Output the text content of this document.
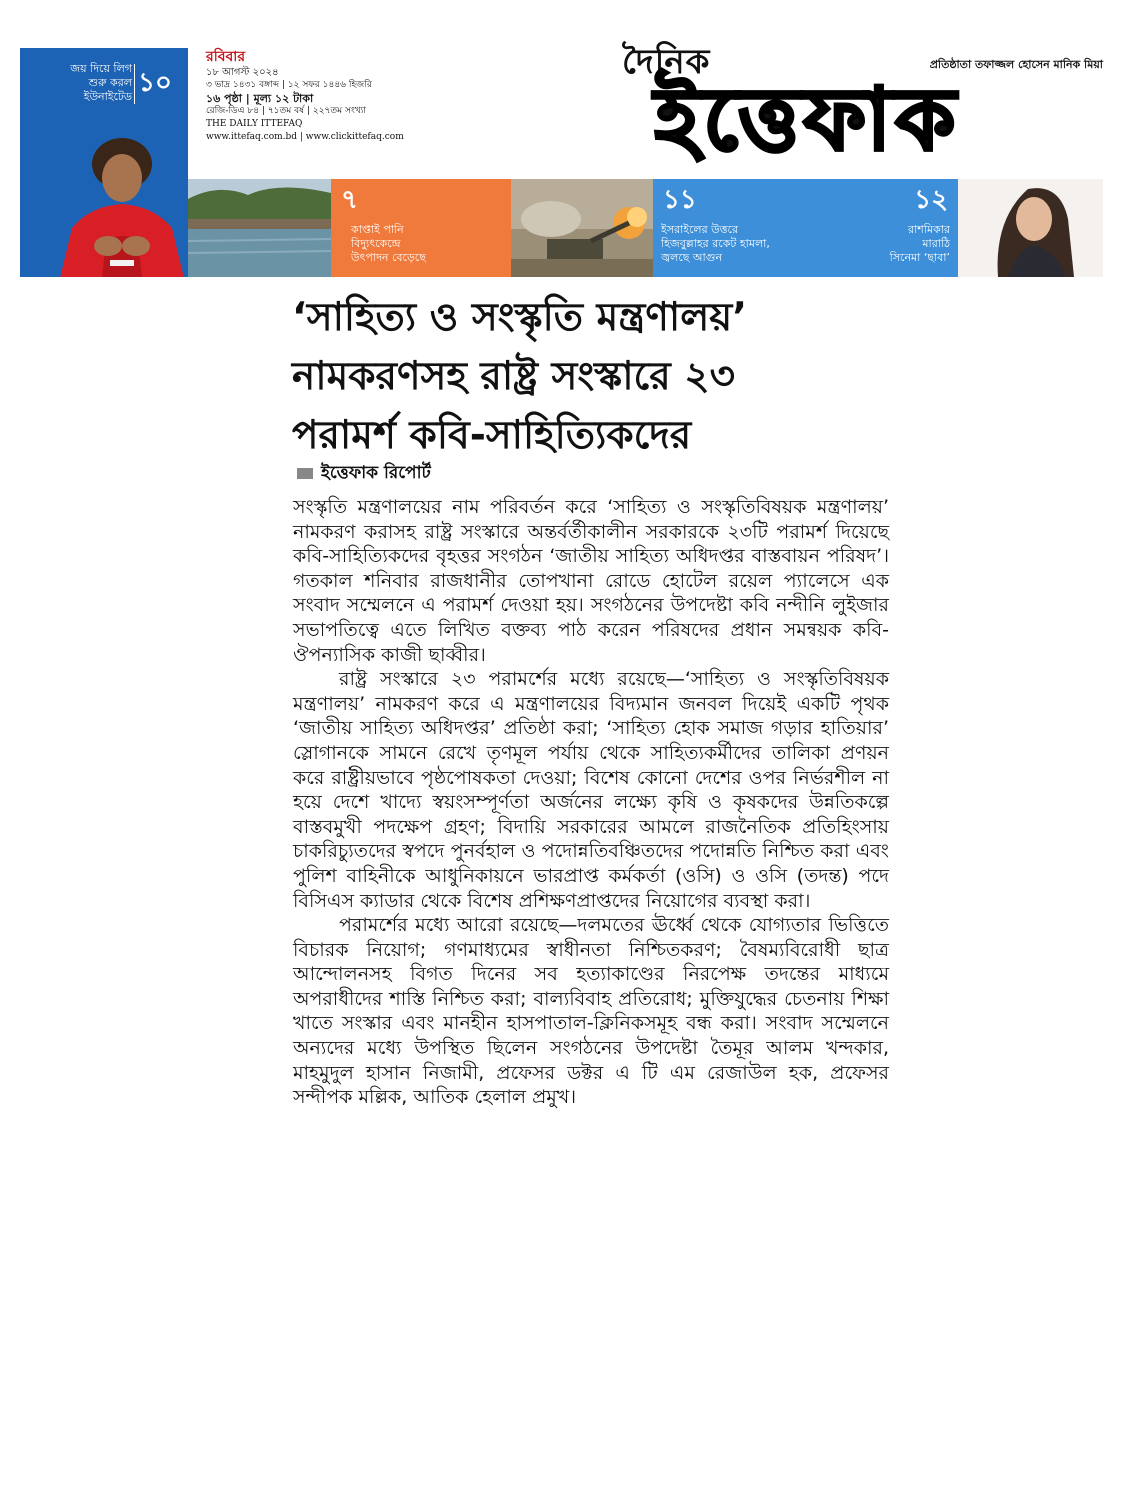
জয় দিয়ে লিগ
শুরু করল
ইউনাইটেড ১০
রবিবার
১৮ আগস্ট ২০২৪
৩ ভাদ্র ১৪৩১ বঙ্গাব্দ | ১২ সফর ১৪৪৬ হিজরি
১৬ পৃষ্ঠা | মূল্য ১২ টাকা
রেজি-ডিএ ৮৪ | ৭১তম বর্ষ | ২২৭তম সংখ্যা
THE DAILY ITTEFAQ
www.ittefaq.com.bd | www.clickittefaq.com
দৈনিক
ইত্তেফাক
প্রতিষ্ঠাতা তফাজ্জল হোসেন মানিক মিয়া
৭
কাপ্তাই পানি
বিদ্যুৎকেন্দ্রে
উৎপাদন বেড়েছে
১১
ইসরাইলের উত্তরে
হিজবুল্লাহর রকেট হামলা,
জ্বলছে আগুন
১২
রাশমিকার
মারাঠি
সিনেমা ‘ছাবা’
‘সাহিত্য ও সংস্কৃতি মন্ত্রণালয়’
নামকরণসহ রাষ্ট্র সংস্কারে ২৩
পরামর্শ কবি-সাহিত্যিকদের
ইত্তেফাক রিপোর্ট

সংস্কৃতি মন্ত্রণালয়ের নাম পরিবর্তন করে ‘সাহিত্য ও সংস্কৃতিবিষয়ক মন্ত্রণালয়’ নামকরণ করাসহ রাষ্ট্র সংস্কারে অন্তর্বর্তীকালীন সরকারকে ২৩টি পরামর্শ দিয়েছে কবি-সাহিত্যিকদের বৃহত্তর সংগঠন ‘জাতীয় সাহিত্য অধিদপ্তর বাস্তবায়ন পরিষদ’। গতকাল শনিবার রাজধানীর তোপখানা রোডে হোটেল রয়েল প্যালেসে এক সংবাদ সম্মেলনে এ পরামর্শ দেওয়া হয়। সংগঠনের উপদেষ্টা কবি নন্দীনি লুইজার সভাপতিত্বে এতে লিখিত বক্তব্য পাঠ করেন পরিষদের প্রধান সমন্বয়ক কবি-ঔপন্যাসিক কাজী ছাব্বীর।

রাষ্ট্র সংস্কারে ২৩ পরামর্শের মধ্যে রয়েছে—‘সাহিত্য ও সংস্কৃতিবিষয়ক মন্ত্রণালয়’ নামকরণ করে এ মন্ত্রণালয়ের বিদ্যমান জনবল দিয়েই একটি পৃথক ‘জাতীয় সাহিত্য অধিদপ্তর’ প্রতিষ্ঠা করা; ‘সাহিত্য হোক সমাজ গড়ার হাতিয়ার’ স্লোগানকে সামনে রেখে তৃণমূল পর্যায় থেকে সাহিত্যকর্মীদের তালিকা প্রণয়ন করে রাষ্ট্রীয়ভাবে পৃষ্ঠপোষকতা দেওয়া; বিশেষ কোনো দেশের ওপর নির্ভরশীল না হয়ে দেশে খাদ্যে স্বয়ংসম্পূর্ণতা অর্জনের লক্ষ্যে কৃষি ও কৃষকদের উন্নতিকল্পে বাস্তবমুখী পদক্ষেপ গ্রহণ; বিদায়ি সরকারের আমলে রাজনৈতিক প্রতিহিংসায় চাকরিচ্যুতদের স্বপদে পুনর্বহাল ও পদোন্নতিবঞ্চিতদের পদোন্নতি নিশ্চিত করা এবং পুলিশ বাহিনীকে আধুনিকায়নে ভারপ্রাপ্ত কর্মকর্তা (ওসি) ও ওসি (তদন্ত) পদে বিসিএস ক্যাডার থেকে বিশেষ প্রশিক্ষণপ্রাপ্তদের নিয়োগের ব্যবস্থা করা।

পরামর্শের মধ্যে আরো রয়েছে—দলমতের ঊর্ধ্বে থেকে যোগ্যতার ভিত্তিতে বিচারক নিয়োগ; গণমাধ্যমের স্বাধীনতা নিশ্চিতকরণ; বৈষম্যবিরোধী ছাত্র আন্দোলনসহ বিগত দিনের সব হত্যাকাণ্ডের নিরপেক্ষ তদন্তের মাধ্যমে অপরাধীদের শাস্তি নিশ্চিত করা; বাল্যবিবাহ প্রতিরোধ; মুক্তিযুদ্ধের চেতনায় শিক্ষা খাতে সংস্কার এবং মানহীন হাসপাতাল-ক্লিনিকসমূহ বন্ধ করা। সংবাদ সম্মেলনে অন্যদের মধ্যে উপস্থিত ছিলেন সংগঠনের উপদেষ্টা তৈমূর আলম খন্দকার, মাহমুদুল হাসান নিজামী, প্রফেসর ডক্টর এ টি এম রেজাউল হক, প্রফেসর সন্দীপক মল্লিক, আতিক হেলাল প্রমুখ।
